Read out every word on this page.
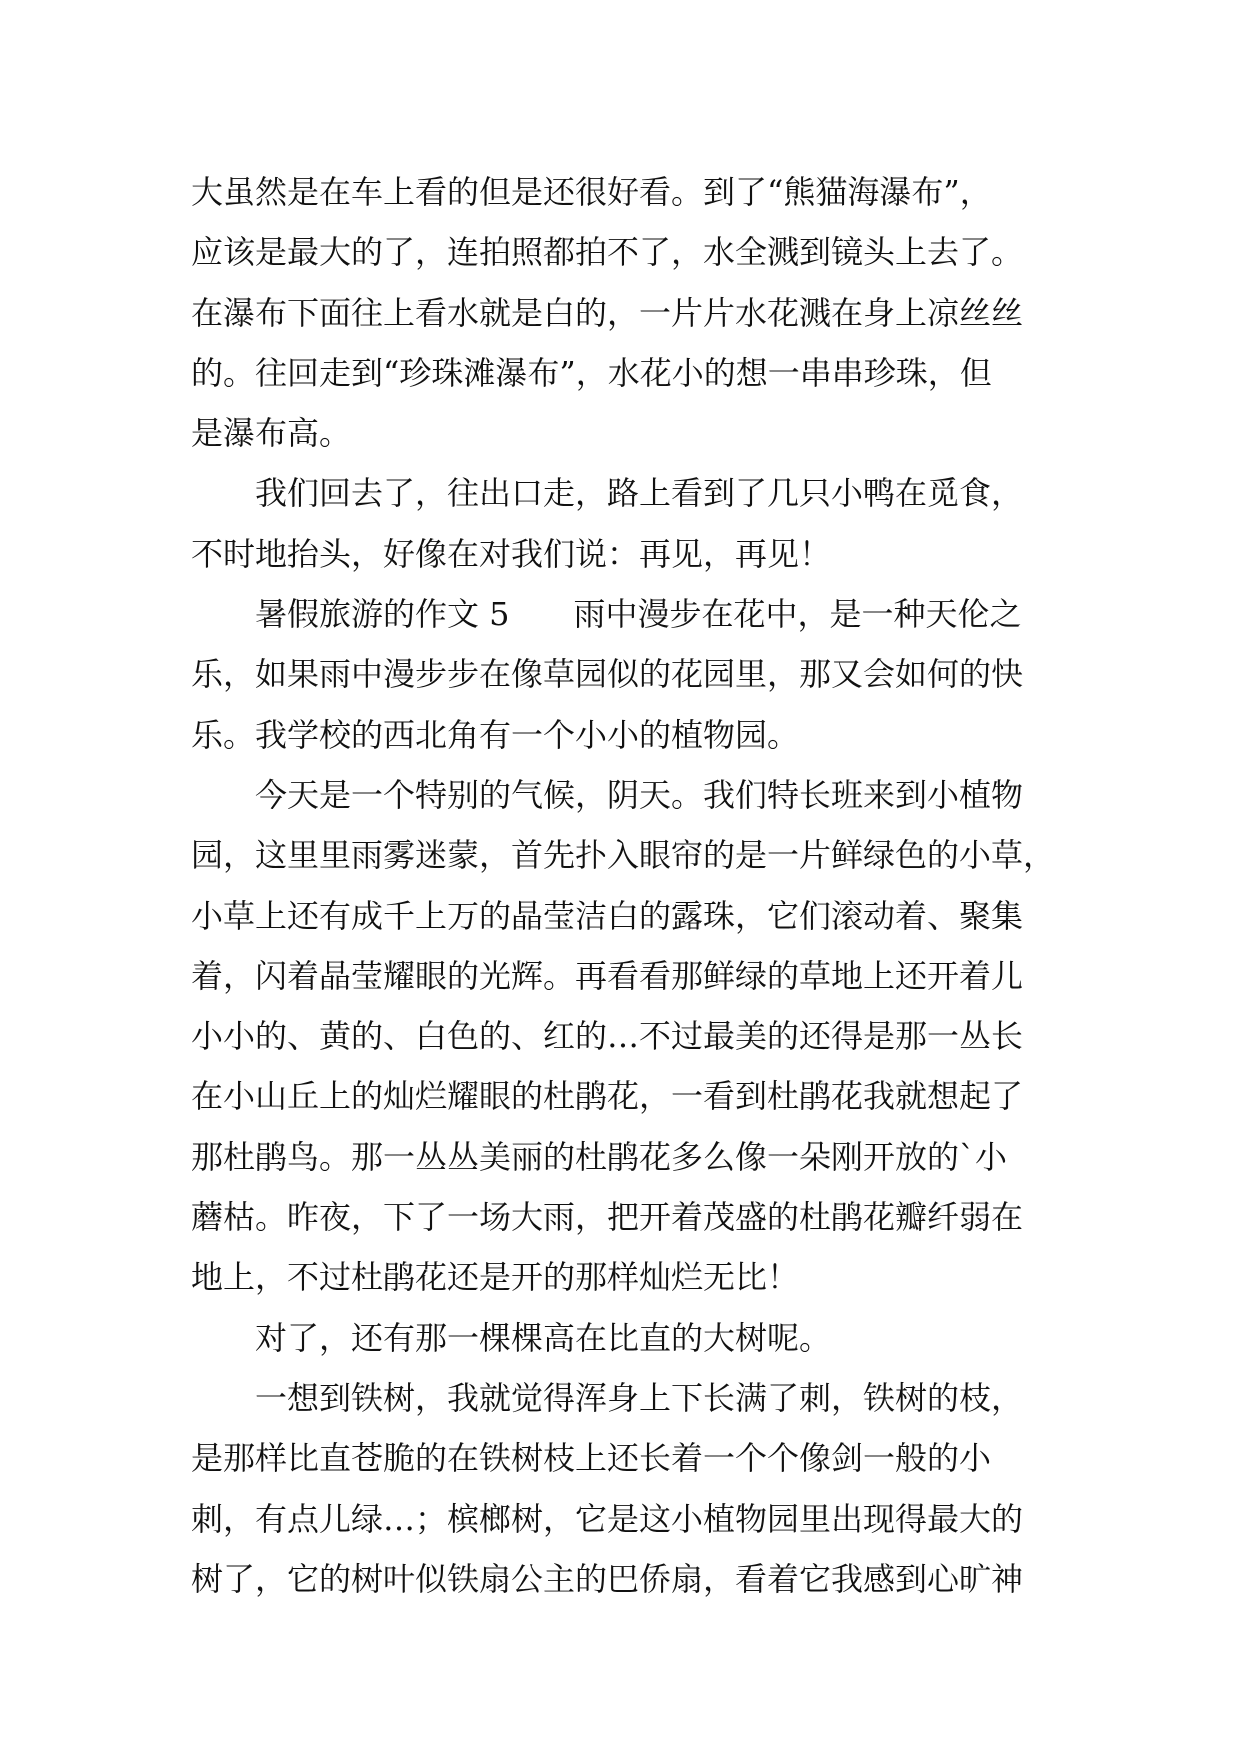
大虽然是在车上看的但是还很好看。到了“熊猫海瀑布”，
应该是最大的了，连拍照都拍不了，水全溅到镜头上去了。
在瀑布下面往上看水就是白的，一片片水花溅在身上凉丝丝
的。往回走到“珍珠滩瀑布”，水花小的想一串串珍珠，但
是瀑布高。
我们回去了，往出口走，路上看到了几只小鸭在觅食，
不时地抬头，好像在对我们说：再见，再见！
暑假旅游的作文 5　　雨中漫步在花中，是一种天伦之
乐，如果雨中漫步步在像草园似的花园里，那又会如何的快
乐。我学校的西北角有一个小小的植物园。
今天是一个特别的气候，阴天。我们特长班来到小植物
园，这里里雨雾迷蒙，首先扑入眼帘的是一片鲜绿色的小草，
小草上还有成千上万的晶莹洁白的露珠，它们滚动着、聚集
着，闪着晶莹耀眼的光辉。再看看那鲜绿的草地上还开着儿
小小的、黄的、白色的、红的…不过最美的还得是那一丛长
在小山丘上的灿烂耀眼的杜鹃花，一看到杜鹃花我就想起了
那杜鹃鸟。那一丛丛美丽的杜鹃花多么像一朵刚开放的`小
蘑枯。昨夜，下了一场大雨，把开着茂盛的杜鹃花瓣纤弱在
地上，不过杜鹃花还是开的那样灿烂无比！
对了，还有那一棵棵高在比直的大树呢。
一想到铁树，我就觉得浑身上下长满了刺，铁树的枝，
是那样比直苍脆的在铁树枝上还长着一个个像剑一般的小
刺，有点儿绿…；槟榔树，它是这小植物园里出现得最大的
树了，它的树叶似铁扇公主的巴侨扇，看着它我感到心旷神
